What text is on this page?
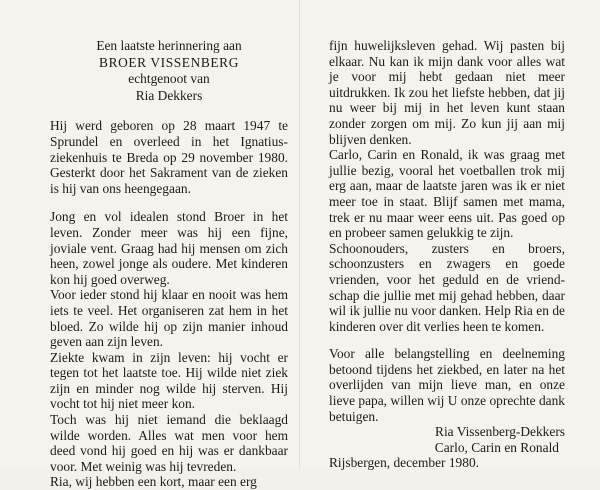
Een laatste herinnering aan
BROER VISSENBERG
echtgenoot van
Ria Dekkers

Hij werd geboren op 28 maart 1947 te Sprundel en overleed in het Ignatiusziekenhuis te Breda op 29 november 1980. Gesterkt door het Sakrament van de zieken is hij van ons heengegaan.

Jong en vol idealen stond Broer in het leven. Zonder meer was hij een fijne, joviale vent. Graag had hij mensen om zich heen, zowel jonge als oudere. Met kinderen kon hij goed overweg.

Voor ieder stond hij klaar en nooit was hem iets te veel. Het organiseren zat hem in het bloed. Zo wilde hij op zijn manier inhoud geven aan zijn leven.

Ziekte kwam in zijn leven: hij vocht er tegen tot het laatste toe. Hij wilde niet ziek zijn en minder nog wilde hij sterven. Hij vocht tot hij niet meer kon.

Toch was hij niet iemand die beklaagd wilde worden. Alles wat men voor hem deed vond hij goed en hij was er dankbaar voor. Met weinig was hij tevreden.

Ria, wij hebben een kort, maar een erg

fijn huwelijksleven gehad. Wij pasten bij elkaar. Nu kan ik mijn dank voor alles wat je voor mij hebt gedaan niet meer uitdrukken. Ik zou het liefste hebben, dat jij nu weer bij mij in het leven kunt staan zonder zorgen om mij. Zo kun jij aan mij blijven denken.

Carlo, Carin en Ronald, ik was graag met jullie bezig, vooral het voetballen trok mij erg aan, maar de laatste jaren was ik er niet meer toe in staat. Blijf samen met mama, trek er nu maar weer eens uit. Pas goed op en probeer samen gelukkig te zijn.

Schoonouders, zusters en broers, schoonzusters en zwagers en goede vrienden, voor het geduld en de vriendschap die jullie met mij gehad hebben, daar wil ik jullie nu voor danken. Help Ria en de kinderen over dit verlies heen te komen.

Voor alle belangstelling en deelneming betoond tijdens het ziekbed, en later na het overlijden van mijn lieve man, en onze lieve papa, willen wij U onze oprechte dank betuigen.

Ria Vissenberg-Dekkers
Carlo, Carin en Ronald
Rijsbergen, december 1980.
